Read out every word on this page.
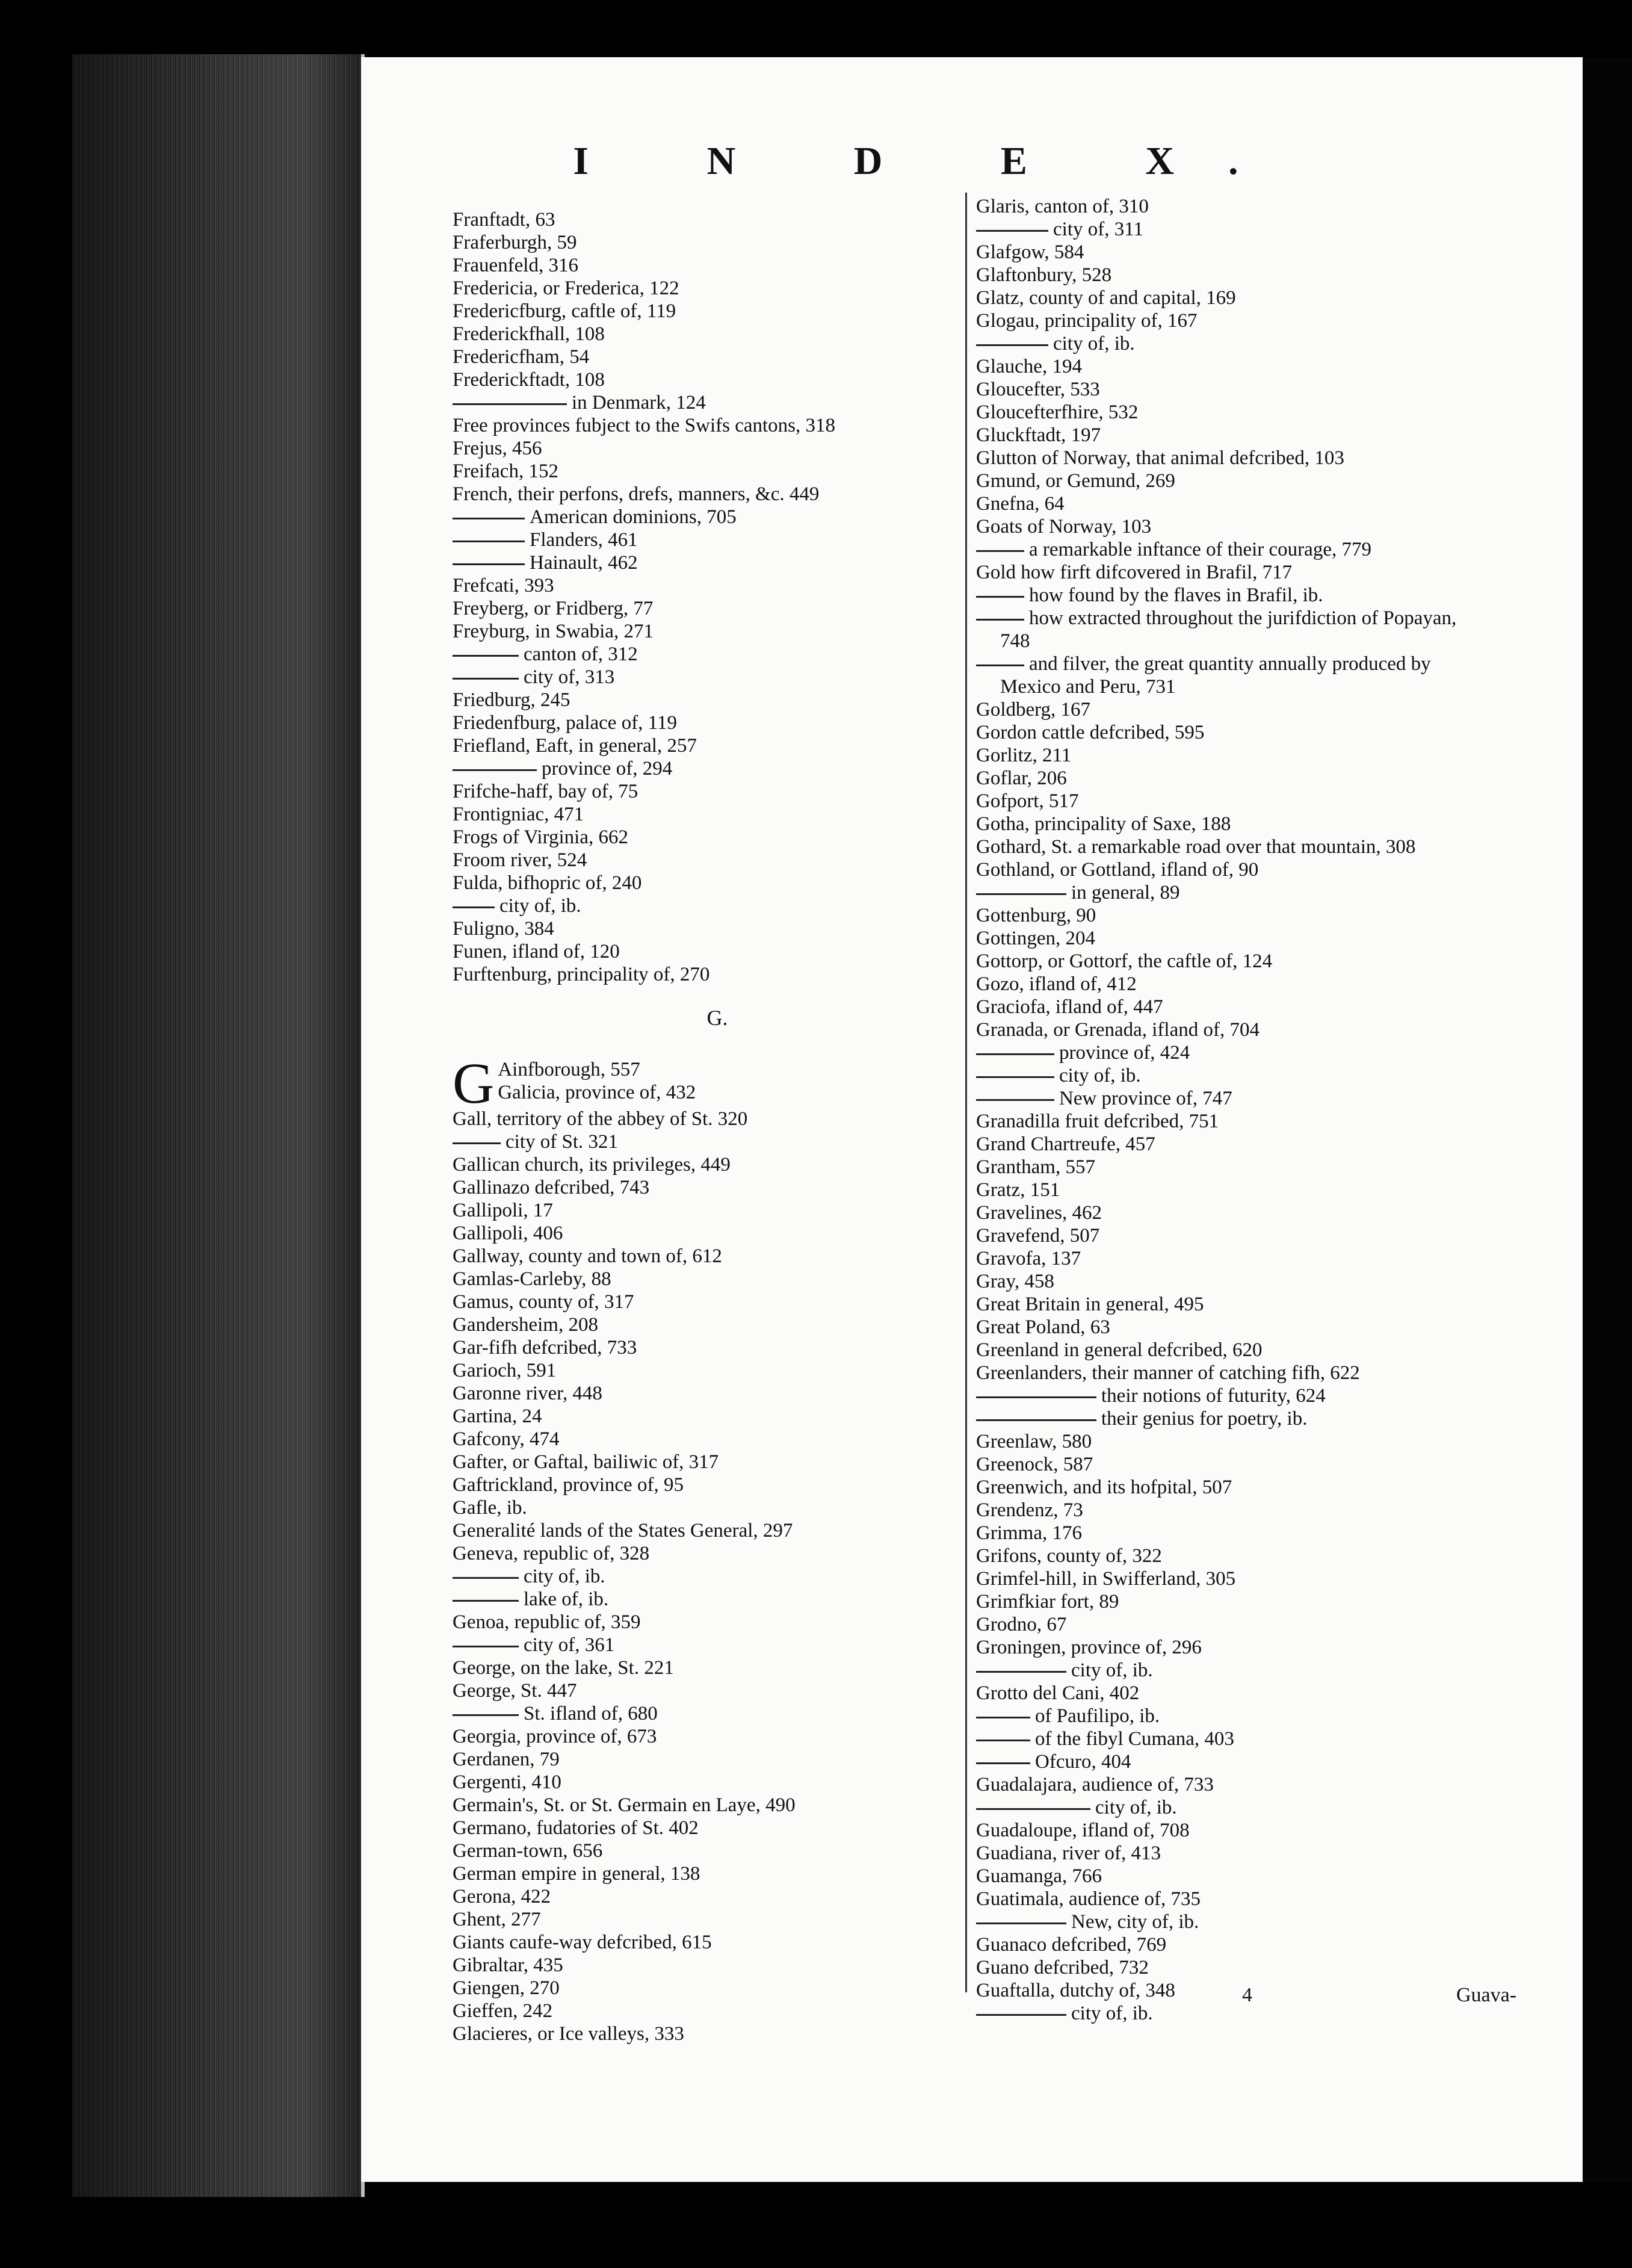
I N D E X.
Franftadt, 63
Fraferburgh, 59
Frauenfeld, 316
Fredericia, or Frederica, 122
Fredericfburg, caftle of, 119
Frederickfhall, 108
Fredericfham, 54
Frederickftadt, 108
in Denmark, 124
Free provinces fubject to the Swifs cantons, 318
Frejus, 456
Freifach, 152
French, their perfons, drefs, manners, &c. 449
American dominions, 705
Flanders, 461
Hainault, 462
Frefcati, 393
Freyberg, or Fridberg, 77
Freyburg, in Swabia, 271
canton of, 312
city of, 313
Friedburg, 245
Friedenfburg, palace of, 119
Friefland, Eaft, in general, 257
province of, 294
Frifche-haff, bay of, 75
Frontigniac, 471
Frogs of Virginia, 662
Froom river, 524
Fulda, bifhopric of, 240
city of, ib.
Fuligno, 384
Funen, ifland of, 120
Furftenburg, principality of, 270
G.
G Ainfborough, 557
Galicia, province of, 432
Gall, territory of the abbey of St. 320
city of St. 321
Gallican church, its privileges, 449
Gallinazo defcribed, 743
Gallipoli, 17
Gallipoli, 406
Gallway, county and town of, 612
Gamlas-Carleby, 88
Gamus, county of, 317
Gandersheim, 208
Gar-fifh defcribed, 733
Garioch, 591
Garonne river, 448
Gartina, 24
Gafcony, 474
Gafter, or Gaftal, bailiwic of, 317
Gaftrickland, province of, 95
Gafle, ib.
Generalité lands of the States General, 297
Geneva, republic of, 328
city of, ib.
lake of, ib.
Genoa, republic of, 359
city of, 361
George, on the lake, St. 221
George, St. 447
St. ifland of, 680
Georgia, province of, 673
Gerdanen, 79
Gergenti, 410
Germain's, St. or St. Germain en Laye, 490
Germano, fudatories of St. 402
German-town, 656
German empire in general, 138
Gerona, 422
Ghent, 277
Giants caufe-way defcribed, 615
Gibraltar, 435
Giengen, 270
Gieffen, 242
Glacieres, or Ice valleys, 333
Glaris, canton of, 310
city of, 311
Glafgow, 584
Glaftonbury, 528
Glatz, county of and capital, 169
Glogau, principality of, 167
city of, ib.
Glauche, 194
Gloucefter, 533
Gloucefterfhire, 532
Gluckftadt, 197
Glutton of Norway, that animal defcribed, 103
Gmund, or Gemund, 269
Gnefna, 64
Goats of Norway, 103
a remarkable inftance of their courage, 779
Gold how firft difcovered in Brafil, 717
how found by the flaves in Brafil, ib.
how extracted throughout the jurifdiction of Popayan,
748
and filver, the great quantity annually produced by
Mexico and Peru, 731
Goldberg, 167
Gordon cattle defcribed, 595
Gorlitz, 211
Goflar, 206
Gofport, 517
Gotha, principality of Saxe, 188
Gothard, St. a remarkable road over that mountain, 308
Gothland, or Gottland, ifland of, 90
in general, 89
Gottenburg, 90
Gottingen, 204
Gottorp, or Gottorf, the caftle of, 124
Gozo, ifland of, 412
Graciofa, ifland of, 447
Granada, or Grenada, ifland of, 704
province of, 424
city of, ib.
New province of, 747
Granadilla fruit defcribed, 751
Grand Chartreufe, 457
Grantham, 557
Gratz, 151
Gravelines, 462
Gravefend, 507
Gravofa, 137
Gray, 458
Great Britain in general, 495
Great Poland, 63
Greenland in general defcribed, 620
Greenlanders, their manner of catching fifh, 622
their notions of futurity, 624
their genius for poetry, ib.
Greenlaw, 580
Greenock, 587
Greenwich, and its hofpital, 507
Grendenz, 73
Grimma, 176
Grifons, county of, 322
Grimfel-hill, in Swifferland, 305
Grimfkiar fort, 89
Grodno, 67
Groningen, province of, 296
city of, ib.
Grotto del Cani, 402
of Paufilipo, ib.
of the fibyl Cumana, 403
Ofcuro, 404
Guadalajara, audience of, 733
city of, ib.
Guadaloupe, ifland of, 708
Guadiana, river of, 413
Guamanga, 766
Guatimala, audience of, 735
New, city of, ib.
Guanaco defcribed, 769
Guano defcribed, 732
Guaftalla, dutchy of, 348
city of, ib.
4	Guava-
